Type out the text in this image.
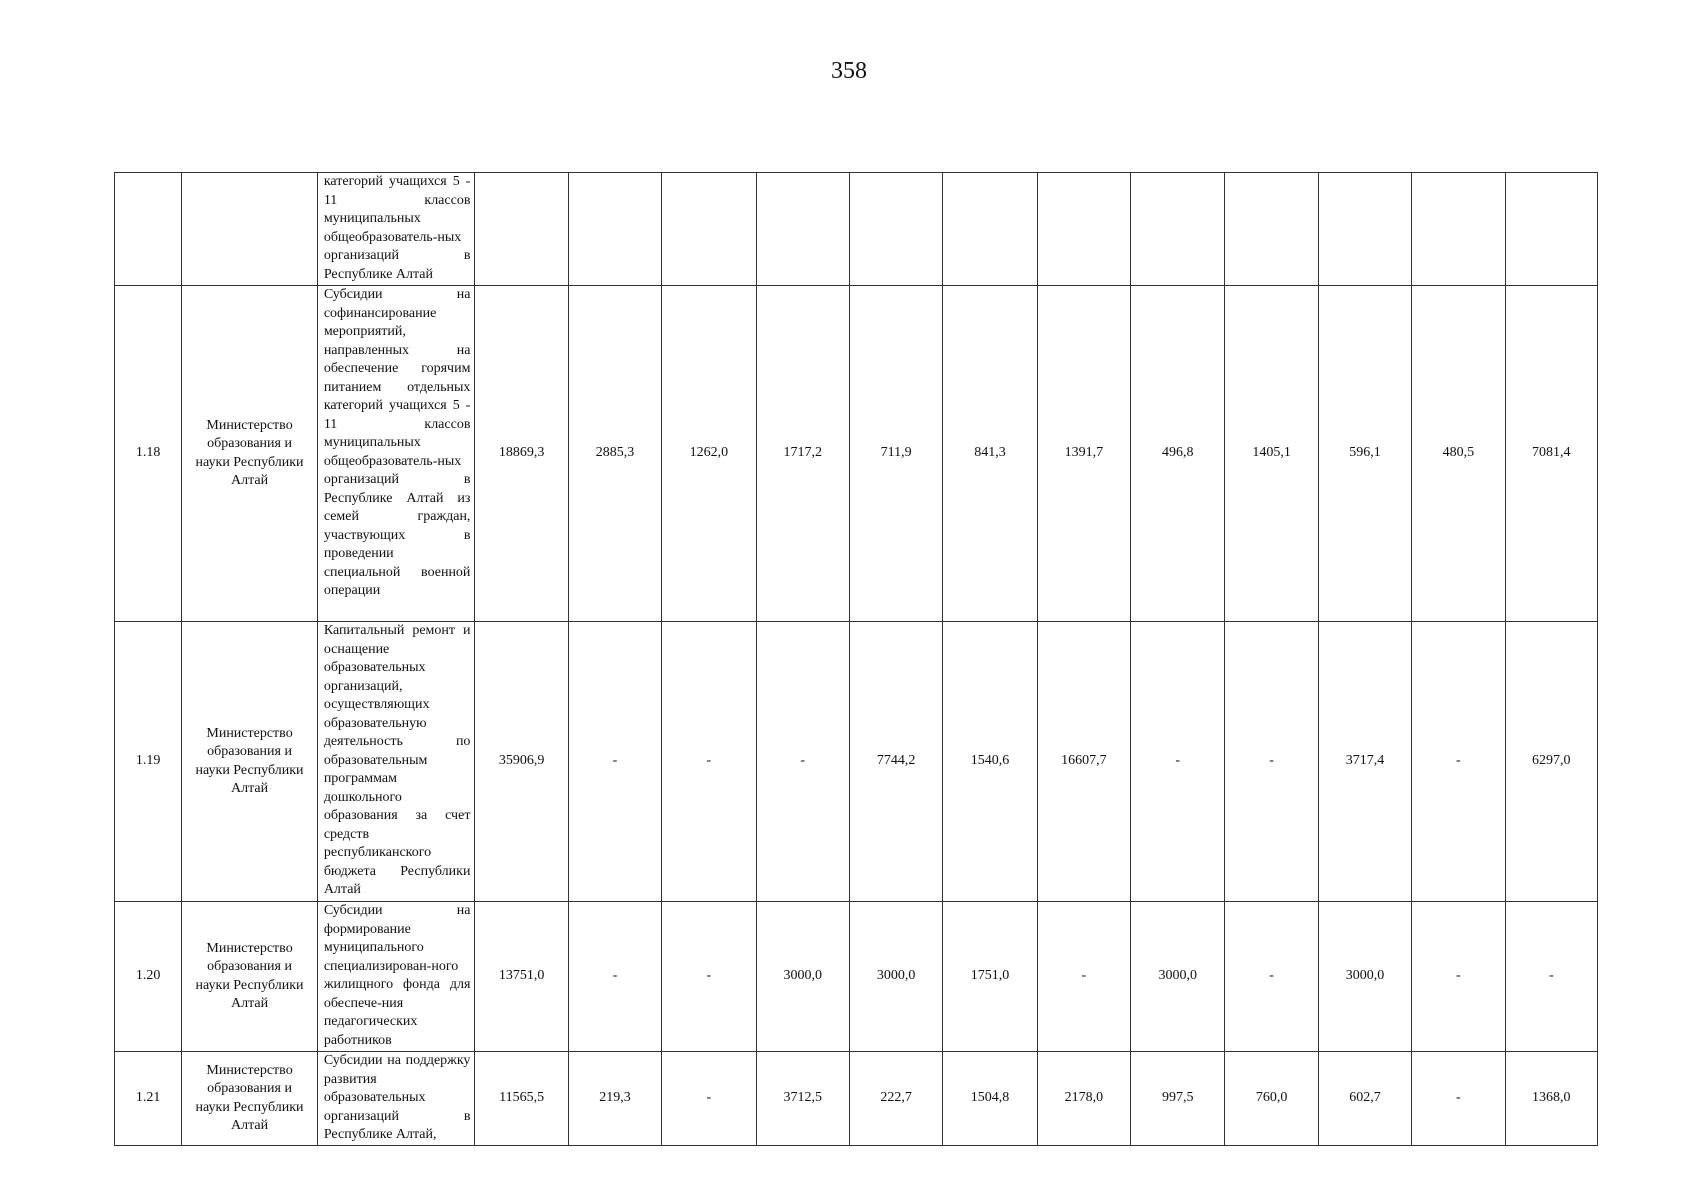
358
		категорий учащихся 5 - 11 классов муниципальных общеобразователь-ных организаций в Республике Алтай												
1.18	Министерство образования и науки Республики Алтай	Субсидии на софинансирование мероприятий, направленных на обеспечение горячим питанием отдельных категорий учащихся 5 - 11 классов муниципальных общеобразователь-ных организаций в Республике Алтай из семей граждан, участвующих в проведении специальной военной операции	18869,3	2885,3	1262,0	1717,2	711,9	841,3	1391,7	496,8	1405,1	596,1	480,5	7081,4
1.19	Министерство образования и науки Республики Алтай	Капитальный ремонт и оснащение образовательных организаций, осуществляющих образовательную деятельность по образовательным программам дошкольного образования за счет средств республиканского бюджета Республики Алтай	35906,9	-	-	-	7744,2	1540,6	16607,7	-	-	3717,4	-	6297,0
1.20	Министерство образования и науки Республики Алтай	Субсидии на формирование муниципального специализирован-ного жилищного фонда для обеспече-ния педагогических работников	13751,0	-	-	3000,0	3000,0	1751,0	-	3000,0	-	3000,0	-	-
1.21	Министерство образования и науки Республики Алтай	Субсидии на поддержку развития образовательных организаций в Республике Алтай,	11565,5	219,3	-	3712,5	222,7	1504,8	2178,0	997,5	760,0	602,7	-	1368,0
